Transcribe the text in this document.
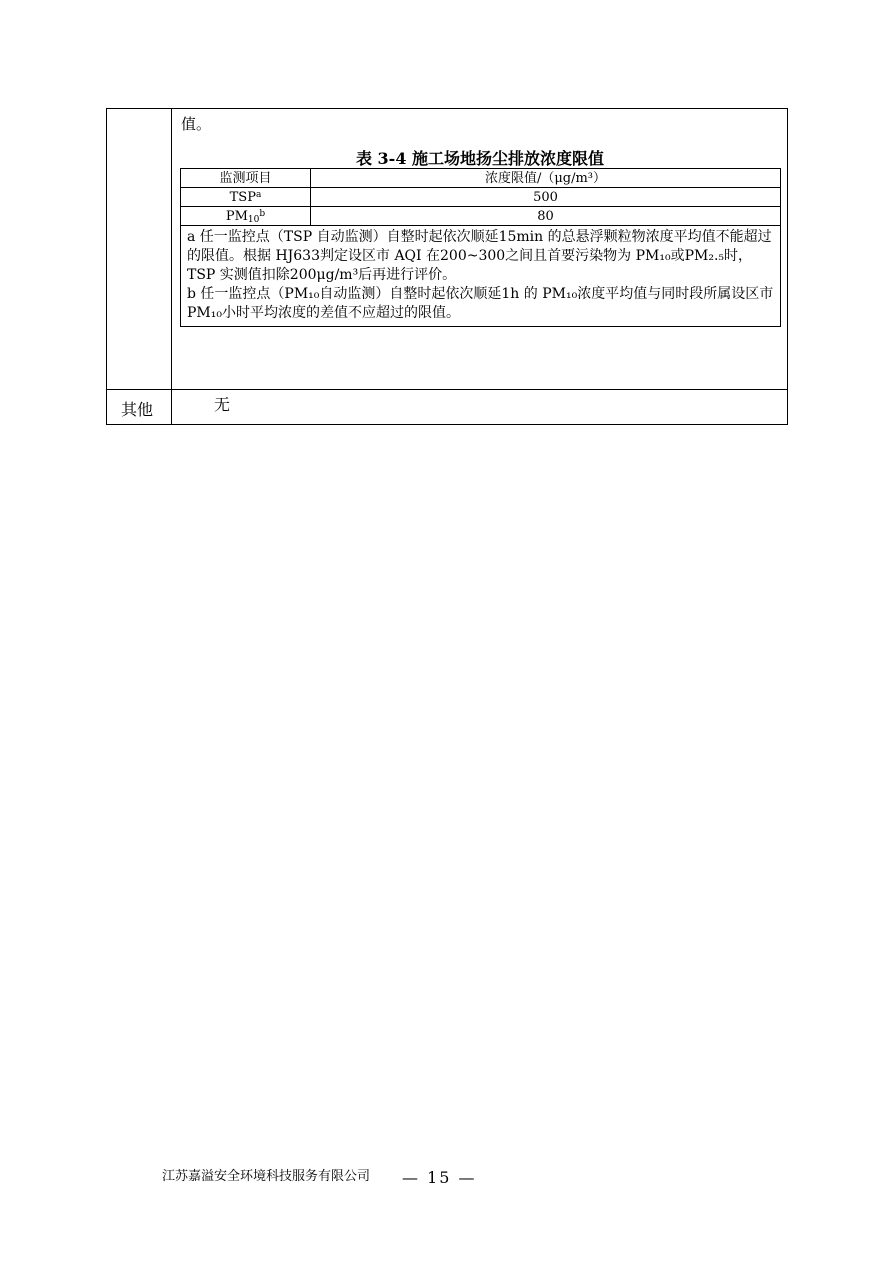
值。
表 3-4 施工场地扬尘排放浓度限值
监测项目	浓度限值/（μg/m³）
TSP$^a$	500
$PM_{10}^b$	80

a 任一监控点（TSP 自动监测）自整时起依次顺延15min 的总悬浮颗粒物浓度平均值不能超过的限值。根据 HJ633判定设区市 AQI 在200~300之间且首要污染物为 PM₁₀或PM₂.₅时，TSP 实测值扣除200μg/m³后再进行评价。
b 任一监控点（PM₁₀自动监测）自整时起依次顺延1h 的 PM₁₀浓度平均值与同时段所属设区市 PM₁₀小时平均浓度的差值不应超过的限值。	
其他	无
江苏嘉溢安全环境科技服务有限公司 — 15 —
